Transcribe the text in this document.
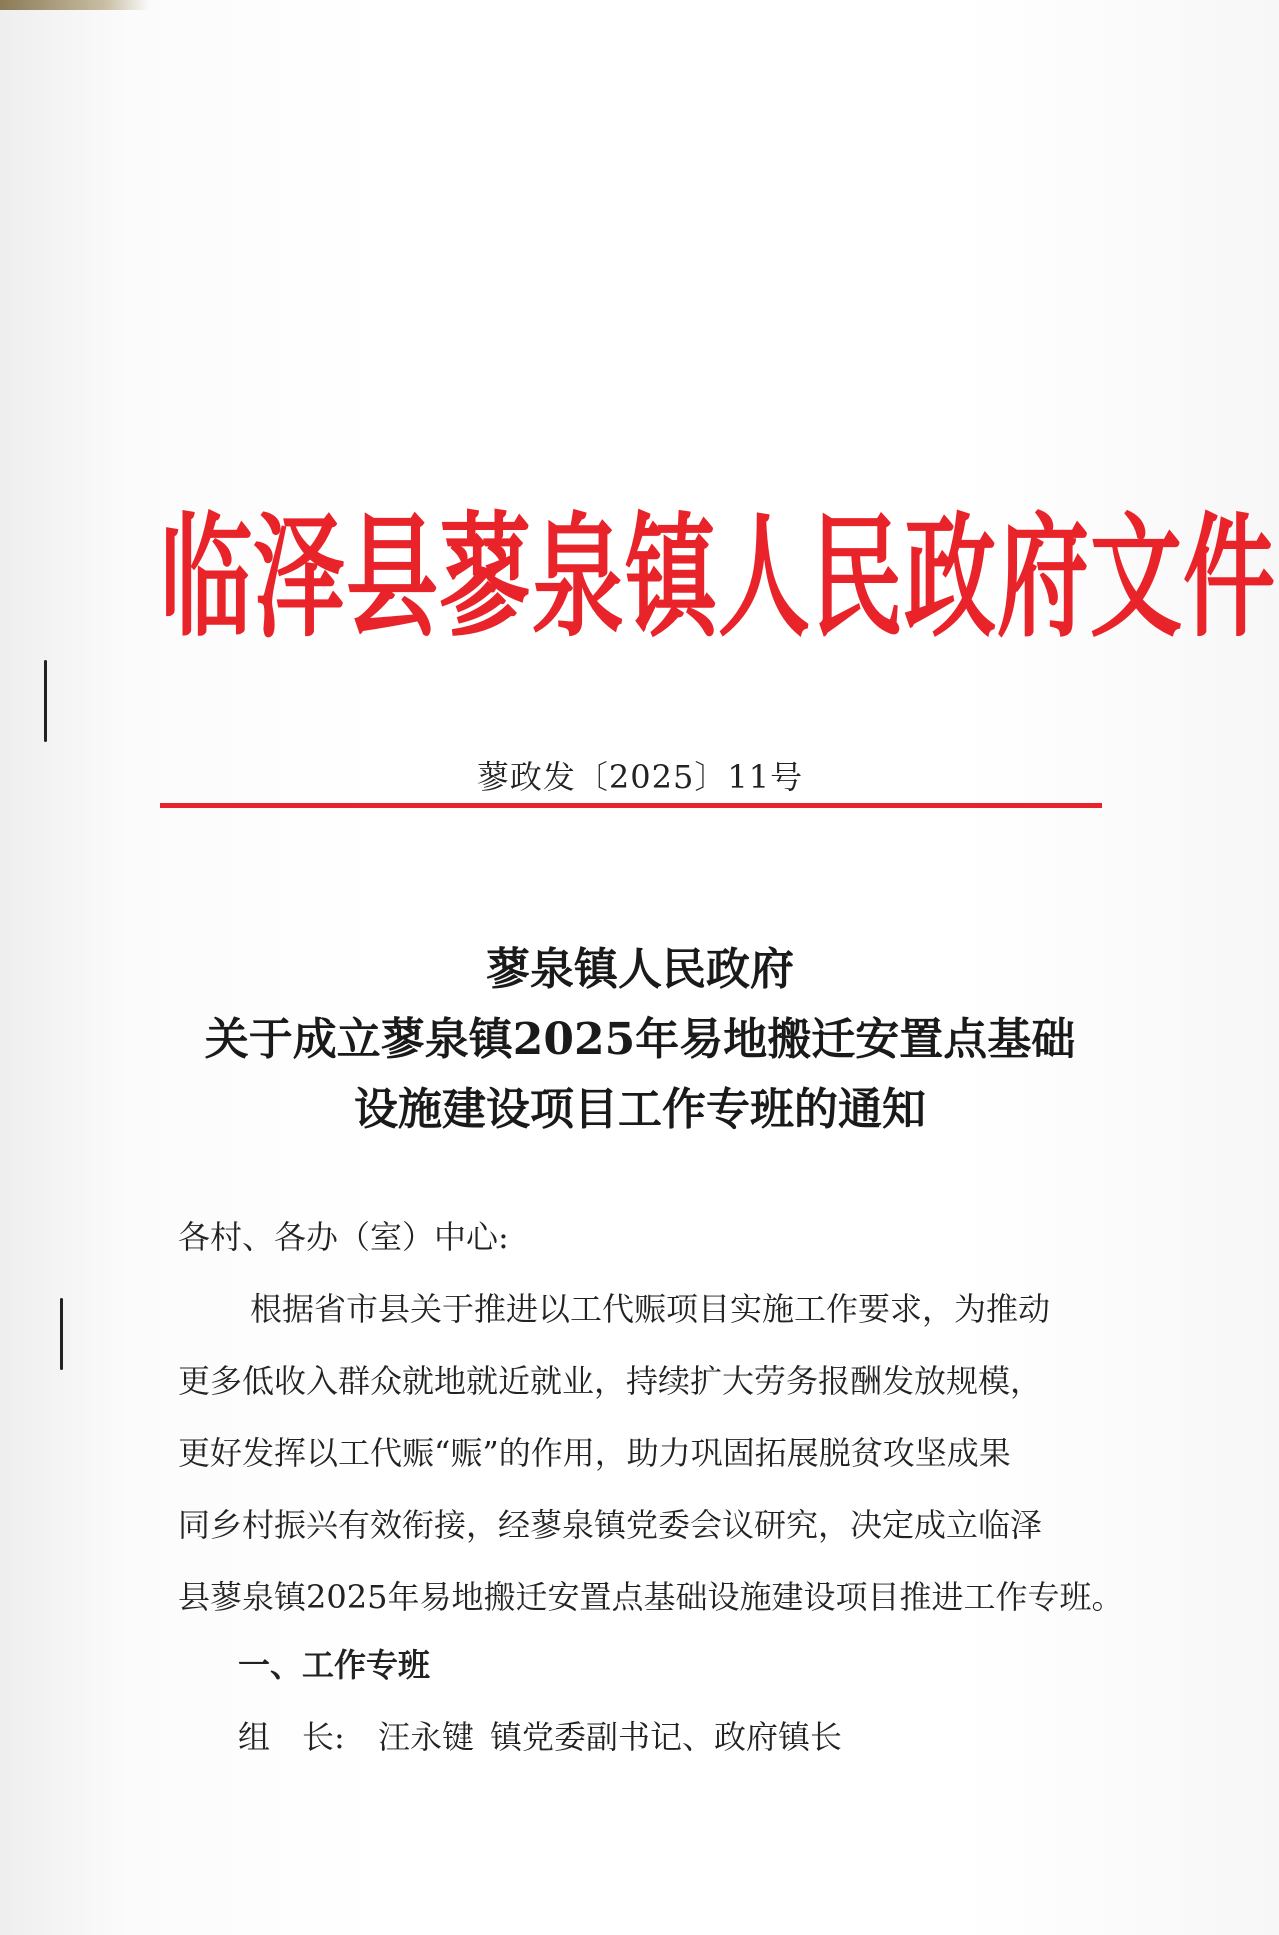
临泽县蓼泉镇人民政府文件
蓼政发〔2025〕11号
蓼泉镇人民政府
关于成立蓼泉镇2025年易地搬迁安置点基础
设施建设项目工作专班的通知
各村、各办（室）中心:
根据省市县关于推进以工代赈项目实施工作要求，为推动
更多低收入群众就地就近就业，持续扩大劳务报酬发放规模，
更好发挥以工代赈“赈”的作用，助力巩固拓展脱贫攻坚成果
同乡村振兴有效衔接，经蓼泉镇党委会议研究，决定成立临泽
县蓼泉镇2025年易地搬迁安置点基础设施建设项目推进工作专班。
一、工作专班
组　长: 汪永键 镇党委副书记、政府镇长
